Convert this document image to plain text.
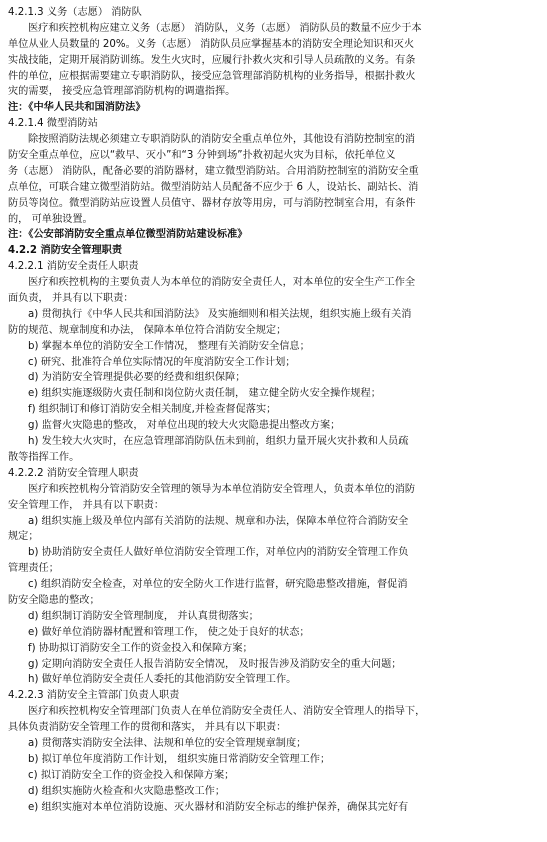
4.2.1.3 义务（志愿） 消防队
医疗和疾控机构应建立义务（志愿） 消防队，义务（志愿） 消防队员的数量不应少于本
单位从业人员数量的 20%。义务（志愿） 消防队员应掌握基本的消防安全理论知识和灭火
实战技能，定期开展消防训练。发生火灾时，应履行扑救火灾和引导人员疏散的义务。有条
件的单位，应根据需要建立专职消防队，接受应急管理部消防机构的业务指导，根据扑救火
灾的需要， 接受应急管理部消防机构的调遣指挥。
注：《中华人民共和国消防法》
4.2.1.4 微型消防站
除按照消防法规必须建立专职消防队的消防安全重点单位外，其他设有消防控制室的消
防安全重点单位，应以“救早、灭小”和“3 分钟到场”扑救初起火灾为目标，依托单位义
务（志愿） 消防队，配备必要的消防器材，建立微型消防站。合用消防控制室的消防安全重
点单位，可联合建立微型消防站。微型消防站人员配备不应少于 6 人，设站长、副站长、消
防员等岗位。微型消防站应设置人员值守、器材存放等用房，可与消防控制室合用，有条件
的， 可单独设置。
注：《公安部消防安全重点单位微型消防站建设标准》
4.2.2 消防安全管理职责
4.2.2.1 消防安全责任人职责
医疗和疾控机构的主要负责人为本单位的消防安全责任人，对本单位的安全生产工作全
面负责， 并具有以下职责：
a) 贯彻执行《中华人民共和国消防法》 及实施细则和相关法规，组织实施上级有关消
防的规范、规章制度和办法， 保障本单位符合消防安全规定；
b) 掌握本单位的消防安全工作情况， 整理有关消防安全信息；
c) 研究、批准符合单位实际情况的年度消防安全工作计划；
d) 为消防安全管理提供必要的经费和组织保障；
e) 组织实施逐级防火责任制和岗位防火责任制， 建立健全防火安全操作规程；
f) 组织制订和修订消防安全相关制度,并检查督促落实；
g) 监督火灾隐患的整改， 对单位出现的较大火灾隐患提出整改方案；
h) 发生较大火灾时，在应急管理部消防队伍未到前，组织力量开展火灾扑救和人员疏
散等指挥工作。
4.2.2.2 消防安全管理人职责
医疗和疾控机构分管消防安全管理的领导为本单位消防安全管理人，负责本单位的消防
安全管理工作， 并具有以下职责：
a) 组织实施上级及单位内部有关消防的法规、规章和办法，保障本单位符合消防安全
规定；
b) 协助消防安全责任人做好单位消防安全管理工作，对单位内的消防安全管理工作负
管理责任；
c) 组织消防安全检查，对单位的安全防火工作进行监督，研究隐患整改措施，督促消
防安全隐患的整改；
d) 组织制订消防安全管理制度， 并认真贯彻落实；
e) 做好单位消防器材配置和管理工作， 使之处于良好的状态；
f) 协助拟订消防安全工作的资金投入和保障方案；
g) 定期向消防安全责任人报告消防安全情况， 及时报告涉及消防安全的重大问题；
h) 做好单位消防安全责任人委托的其他消防安全管理工作。
4.2.2.3 消防安全主管部门负责人职责
医疗和疾控机构安全管理部门负责人在单位消防安全责任人、消防安全管理人的指导下，
具体负责消防安全管理工作的贯彻和落实， 并具有以下职责：
a) 贯彻落实消防安全法律、法规和单位的安全管理规章制度；
b) 拟订单位年度消防工作计划， 组织实施日常消防安全管理工作；
c) 拟订消防安全工作的资金投入和保障方案；
d) 组织实施防火检查和火灾隐患整改工作；
e) 组织实施对本单位消防设施、灭火器材和消防安全标志的维护保养，确保其完好有
